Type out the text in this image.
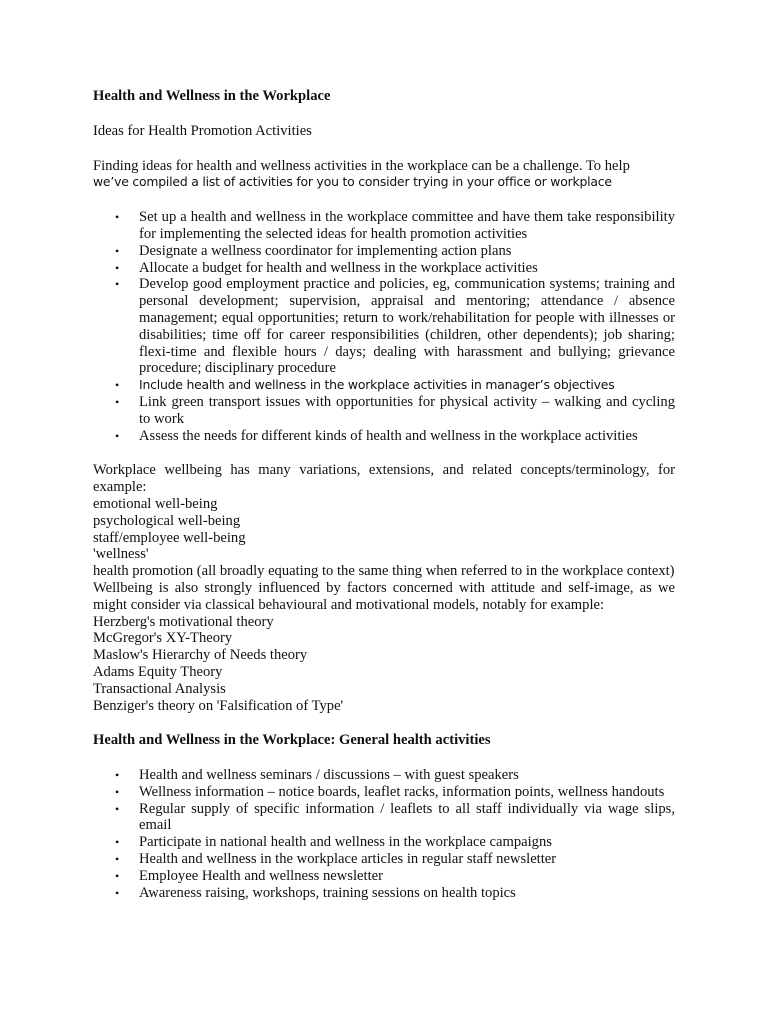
Health and Wellness in the Workplace

Ideas for Health Promotion Activities

Finding ideas for health and wellness activities in the workplace can be a challenge. To help

we’ve compiled a list of activities for you to consider trying in your office or workplace

• Set up a health and wellness in the workplace committee and have them take responsibility for implementing the selected ideas for health promotion activities
• Designate a wellness coordinator for implementing action plans
• Allocate a budget for health and wellness in the workplace activities
• Develop good employment practice and policies, eg, communication systems; training and personal development; supervision, appraisal and mentoring; attendance / absence management; equal opportunities; return to work/rehabilitation for people with illnesses or disabilities; time off for career responsibilities (children, other dependents); job sharing; flexi-time and flexible hours / days; dealing with harassment and bullying; grievance procedure; disciplinary procedure
• Include health and wellness in the workplace activities in manager’s objectives
• Link green transport issues with opportunities for physical activity – walking and cycling to work
• Assess the needs for different kinds of health and wellness in the workplace activities

Workplace wellbeing has many variations, extensions, and related concepts/terminology, for example:

emotional well-being

psychological well-being

staff/employee well-being

'wellness'

health promotion (all broadly equating to the same thing when referred to in the workplace context)

Wellbeing is also strongly influenced by factors concerned with attitude and self-image, as we might consider via classical behavioural and motivational models, notably for example:

Herzberg's motivational theory

McGregor's XY-Theory

Maslow's Hierarchy of Needs theory

Adams Equity Theory

Transactional Analysis

Benziger's theory on 'Falsification of Type'

Health and Wellness in the Workplace: General health activities

• Health and wellness seminars / discussions – with guest speakers
• Wellness information – notice boards, leaflet racks, information points, wellness handouts
• Regular supply of specific information / leaflets to all staff individually via wage slips, email
• Participate in national health and wellness in the workplace campaigns
• Health and wellness in the workplace articles in regular staff newsletter
• Employee Health and wellness newsletter
• Awareness raising, workshops, training sessions on health topics
